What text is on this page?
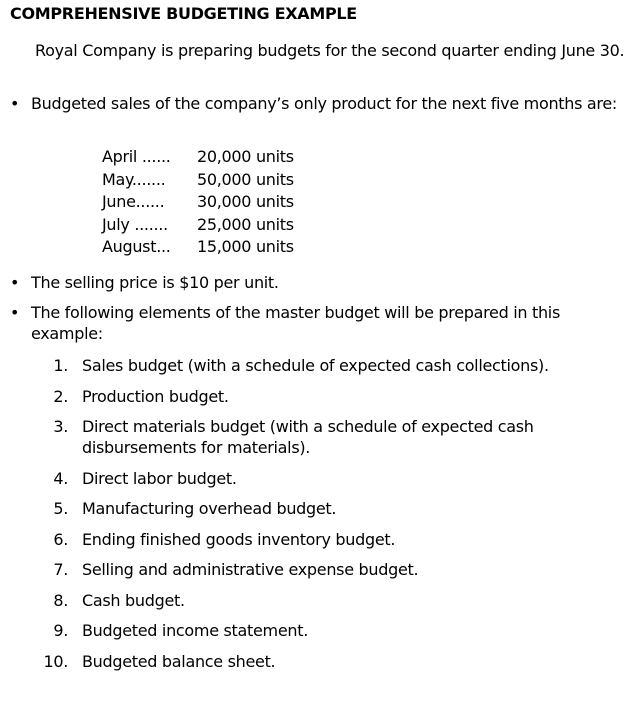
COMPREHENSIVE BUDGETING EXAMPLE

Royal Company is preparing budgets for the second quarter ending June 30.

• Budgeted sales of the company’s only product for the next five months are:
April ......	20,000 units
May.......	50,000 units
June......	30,000 units
July .......	25,000 units
August...	15,000 units
• The selling price is $10 per unit.
• The following elements of the master budget will be prepared in this example:
1. Sales budget (with a schedule of expected cash collections).
2. Production budget.
3. Direct materials budget (with a schedule of expected cash disbursements for materials).
4. Direct labor budget.
5. Manufacturing overhead budget.
6. Ending finished goods inventory budget.
7. Selling and administrative expense budget.
8. Cash budget.
9. Budgeted income statement.
10. Budgeted balance sheet.
